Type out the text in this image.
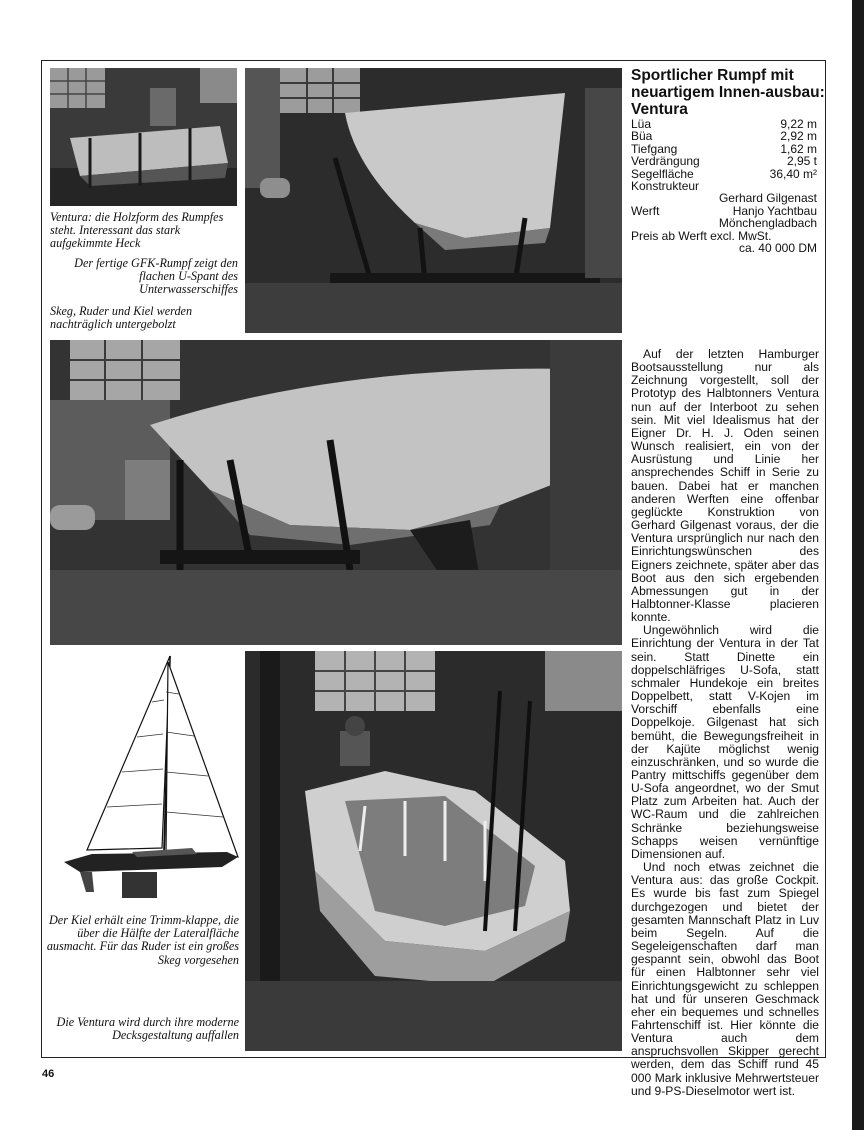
Ventura: die Holzform des Rumpfes steht. Interessant das stark aufgekimmte Heck

Der fertige GFK-Rumpf zeigt den flachen U-Spant des Unterwasserschiffes

Skeg, Ruder und Kiel werden nachträglich untergebolzt

Sportlicher Rumpf mit neuartigem Innen-ausbau: Ventura
Lüa	9,22 m
Büa	2,92 m
Tiefgang	1,62 m
Verdrängung	2,95 t
Segelfläche	36,40 m²
Konstrukteur
Gerhard Gilgenast
Werft	Hanjo Yachtbau
Mönchengladbach
Preis ab Werft excl. MwSt.
ca. 40 000 DM

Der Kiel erhält eine Trimm-klappe, die über die Hälfte der Lateralfläche ausmacht. Für das Ruder ist ein großes Skeg vorgesehen

Die Ventura wird durch ihre moderne Decksgestaltung auffallen

Auf der letzten Hamburger Bootsausstellung nur als Zeichnung vorgestellt, soll der Prototyp des Halbtonners Ventura nun auf der Interboot zu sehen sein. Mit viel Idealismus hat der Eigner Dr. H. J. Oden seinen Wunsch realisiert, ein von der Ausrüstung und Linie her ansprechendes Schiff in Serie zu bauen. Dabei hat er manchen anderen Werften eine offenbar geglückte Konstruktion von Gerhard Gilgenast voraus, der die Ventura ursprünglich nur nach den Einrichtungswünschen des Eigners zeichnete, später aber das Boot aus den sich ergebenden Abmessungen gut in der Halbtonner-Klasse placieren konnte.

Ungewöhnlich wird die Einrichtung der Ventura in der Tat sein. Statt Dinette ein doppelschläfriges U-Sofa, statt schmaler Hundekoje ein breites Doppelbett, statt V-Kojen im Vorschiff ebenfalls eine Doppelkoje. Gilgenast hat sich bemüht, die Bewegungsfreiheit in der Kajüte möglichst wenig einzuschränken, und so wurde die Pantry mittschiffs gegenüber dem U-Sofa angeordnet, wo der Smut Platz zum Arbeiten hat. Auch der WC-Raum und die zahlreichen Schränke beziehungsweise Schapps weisen vernünftige Dimensionen auf.

Und noch etwas zeichnet die Ventura aus: das große Cockpit. Es wurde bis fast zum Spiegel durchgezogen und bietet der gesamten Mannschaft Platz in Luv beim Segeln. Auf die Segeleigenschaften darf man gespannt sein, obwohl das Boot für einen Halbtonner sehr viel Einrichtungsgewicht zu schleppen hat und für unseren Geschmack eher ein bequemes und schnelles Fahrtenschiff ist. Hier könnte die Ventura auch dem anspruchsvollen Skipper gerecht werden, dem das Schiff rund 45 000 Mark inklusive Mehrwertsteuer und 9-PS-Dieselmotor wert ist.

46
